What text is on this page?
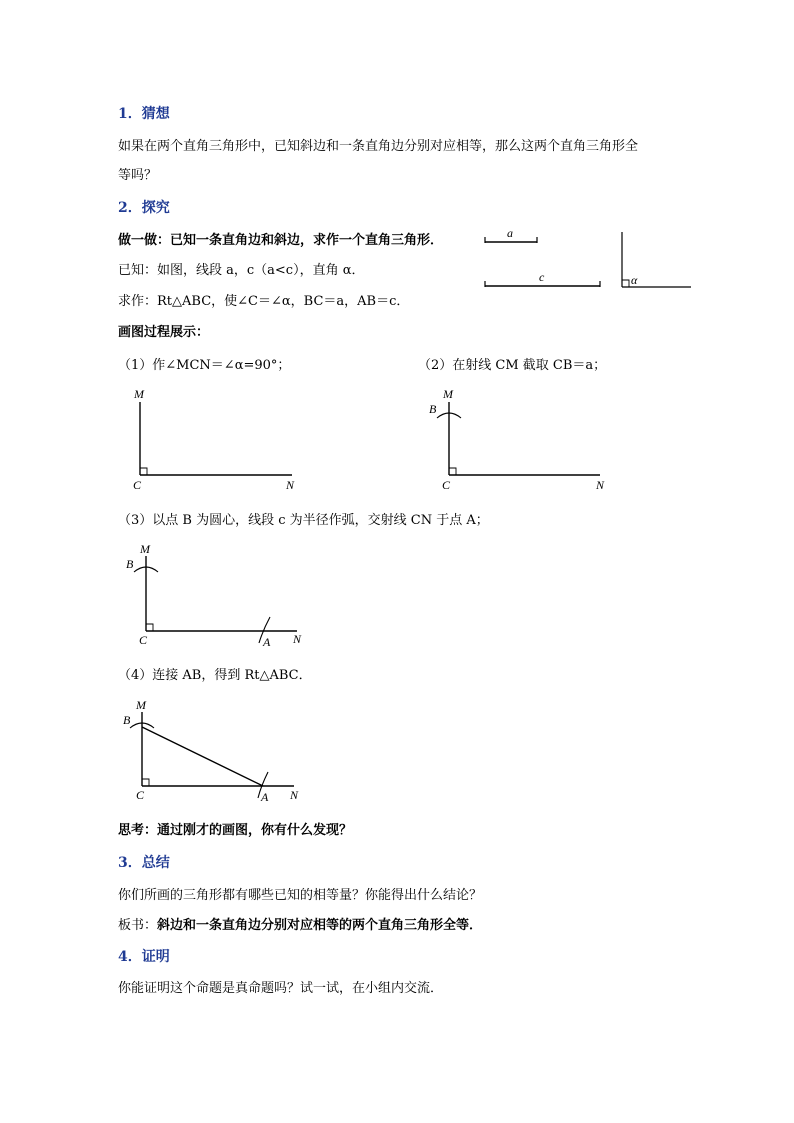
1．猜想
如果在两个直角三角形中，已知斜边和一条直角边分别对应相等，那么这两个直角三角形全
等吗？
2．探究
做一做：已知一条直角边和斜边，求作一个直角三角形．
已知：如图，线段 a，c（a<c），直角 α．
求作：Rt△ABC，使∠C＝∠α，BC＝a，AB＝c．
a
c	α
画图过程展示：
（1）作∠MCN＝∠α=90°；	（2）在射线 CM 截取 CB＝a；
M
C	N
M
B
C	N
（3）以点 B 为圆心，线段 c 为半径作弧，交射线 CN 于点 A；
M
B
C	A N
（4）连接 AB，得到 Rt△ABC．
M
B
C	A N
思考：通过刚才的画图，你有什么发现？
3．总结
你们所画的三角形都有哪些已知的相等量？你能得出什么结论？
板书：斜边和一条直角边分别对应相等的两个直角三角形全等．
4．证明
你能证明这个命题是真命题吗？试一试，在小组内交流．
